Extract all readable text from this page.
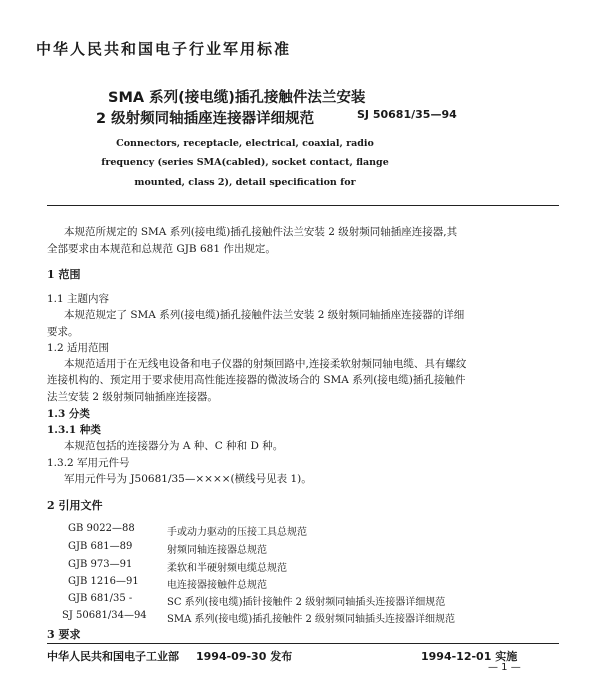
中华人民共和国电子行业军用标准
SMA 系列(接电缆)插孔接触件法兰安装
2 级射频同轴插座连接器详细规范	SJ 50681/35—94
Connectors, receptacle, electrical, coaxial, radio
frequency (series SMA(cabled), socket contact, flange
mounted, class 2), detail specification for
本规范所规定的 SMA 系列(接电缆)插孔接触件法兰安装 2 级射频同轴插座连接器,其
全部要求由本规范和总规范 GJB 681 作出规定。
1 范围
1.1 主题内容
本规范规定了 SMA 系列(接电缆)插孔接触件法兰安装 2 级射频同轴插座连接器的详细
要求。
1.2 适用范围
本规范适用于在无线电设备和电子仪器的射频回路中,连接柔软射频同轴电缆、具有螺纹
连接机构的、预定用于要求使用高性能连接器的微波场合的 SMA 系列(接电缆)插孔接触件
法兰安装 2 级射频同轴插座连接器。
1.3 分类
1.3.1 种类
本规范包括的连接器分为 A 种、C 种和 D 种。
1.3.2 军用元件号
军用元件号为 J50681/35—××××(横线号见表 1)。
2 引用文件
GB 9022—88	手或动力驱动的压接工具总规范
GJB 681—89	射频同轴连接器总规范
GJB 973—91	柔软和半硬射频电缆总规范
GJB 1216—91	电连接器接触件总规范
GJB 681/35 -	SC 系列(接电缆)插针接触件 2 级射频同轴插头连接器详细规范
SJ 50681/34—94 SMA 系列(接电缆)插孔接触件 2 级射频同轴插头连接器详细规范
3 要求
中华人民共和国电子工业部 1994-09-30 发布	1994-12-01 实施
— 1 —
